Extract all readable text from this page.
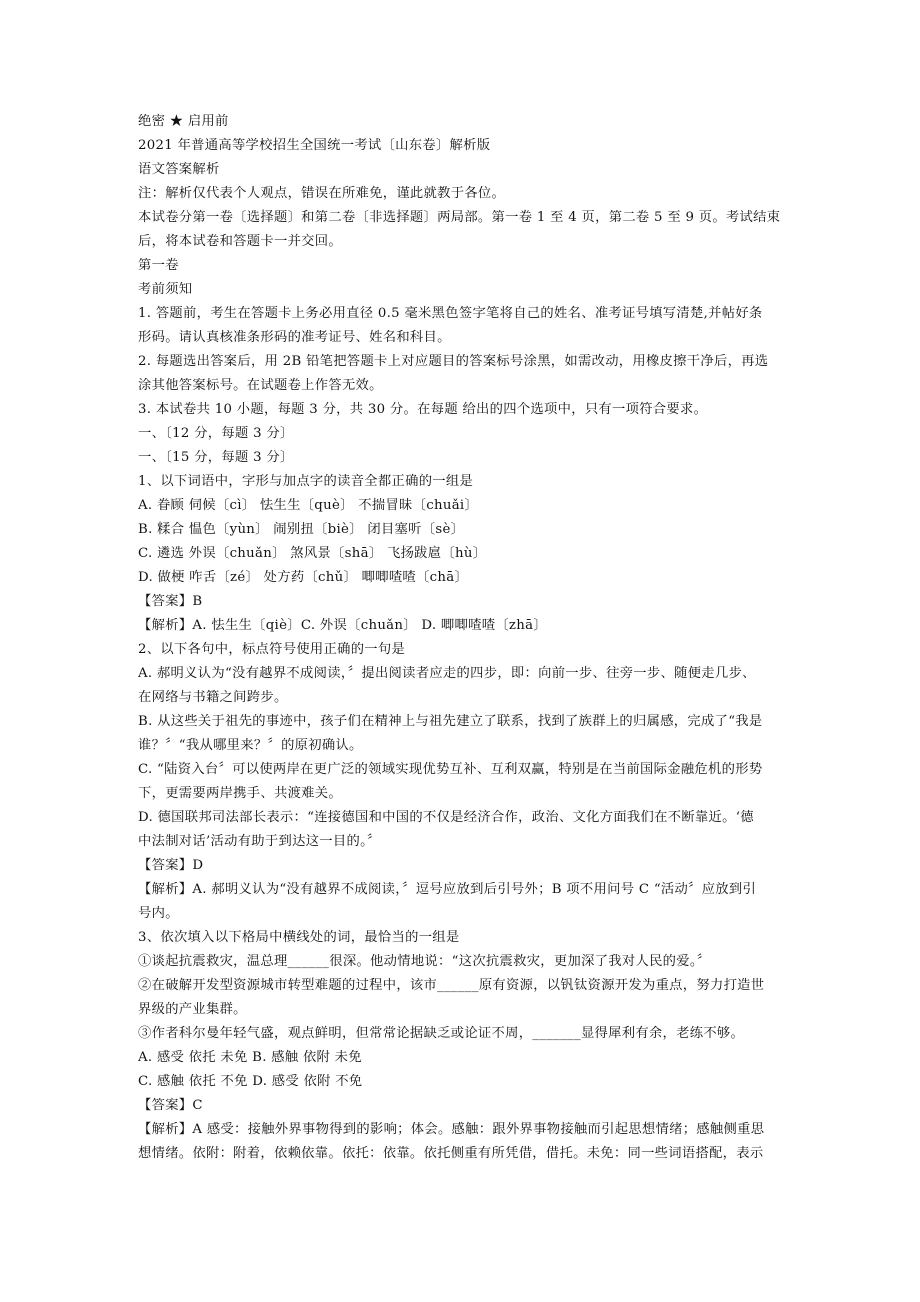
绝密 ★ 启用前
2021 年普通高等学校招生全国统一考试〔山东卷〕解析版
语文答案解析
注：解析仅代表个人观点，错误在所难免，谨此就教于各位。
本试卷分第一卷〔选择题〕和第二卷〔非选择题〕两局部。第一卷 1 至 4 页，第二卷 5 至 9 页。考试结束
后，将本试卷和答题卡一并交回。
第一卷
考前须知
1. 答题前，考生在答题卡上务必用直径 0.5 毫米黑色签字笔将自己的姓名、准考证号填写清楚,并帖好条
形码。请认真核准条形码的准考证号、姓名和科目。
2. 每题选出答案后，用 2B 铅笔把答题卡上对应题目的答案标号涂黑，如需改动，用橡皮擦干净后，再选
涂其他答案标号。在试题卷上作答无效。
3. 本试卷共 10 小题，每题 3 分，共 30 分。在每题 给出的四个选项中，只有一项符合要求。
一、〔12 分，每题 3 分〕
一、〔15 分，每题 3 分〕
1、以下词语中，字形与加点字的读音全都正确的一组是
A. 眷顾 伺候〔cì〕 怯生生〔què〕 不揣冒昧〔chuǎi〕
B. 糅合 愠色〔yùn〕 闹别扭〔biè〕 闭目塞听〔sè〕
C. 遴选 外误〔chuǎn〕 煞风景〔shā〕 飞扬跋扈〔hù〕
D. 做梗 咋舌〔zé〕 处方药〔chǔ〕 唧唧喳喳〔chā〕
【答案】B
【解析】A. 怯生生〔qiè〕C. 外误〔chuǎn〕 D. 唧唧喳喳〔zhā〕
2、以下各句中，标点符号使用正确的一句是
A. 郝明义认为“没有越界不成阅读，〞提出阅读者应走的四步，即：向前一步、往旁一步、随便走几步、
在网络与书籍之间跨步。
B. 从这些关于祖先的事迹中，孩子们在精神上与祖先建立了联系，找到了族群上的归属感，完成了“我是
谁？〞“我从哪里来？〞的原初确认。
C. “陆资入台〞可以使两岸在更广泛的领域实现优势互补、互利双赢，特别是在当前国际金融危机的形势
下，更需要两岸携手、共渡难关。
D. 德国联邦司法部长表示：“连接德国和中国的不仅是经济合作，政治、文化方面我们在不断靠近。‘德
中法制对话’活动有助于到达这一目的。〞
【答案】D
【解析】A. 郝明义认为“没有越界不成阅读，〞逗号应放到后引号外；B 项不用问号 C “活动〞应放到引
号内。
3、依次填入以下格局中横线处的词，最恰当的一组是
①谈起抗震救灾，温总理______很深。他动情地说：“这次抗震救灾，更加深了我对人民的爱。〞
②在破解开发型资源城市转型难题的过程中，该市______原有资源，以钒钛资源开发为重点，努力打造世
界级的产业集群。
③作者科尔曼年轻气盛，观点鲜明，但常常论据缺乏或论证不周，_______显得犀利有余，老练不够。
A. 感受 依托 未免 B. 感触 依附 未免
C. 感触 依托 不免 D. 感受 依附 不免
【答案】C
【解析】A 感受：接触外界事物得到的影响；体会。感触：跟外界事物接触而引起思想情绪；感触侧重思
想情绪。依附：附着，依赖依靠。依托：依靠。依托侧重有所凭借，借托。未免：同一些词语搭配，表示
